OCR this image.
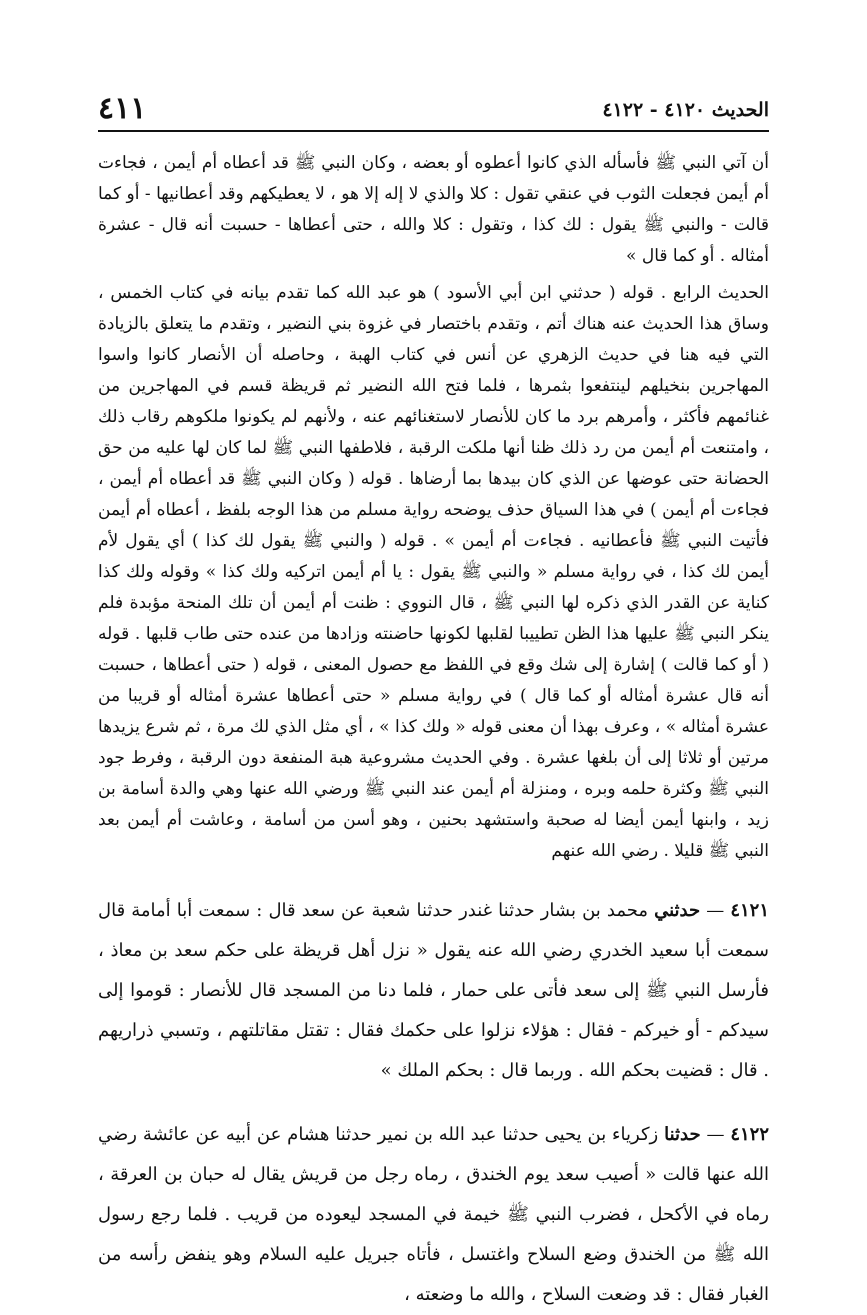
الحديث ٤١٢٠ - ٤١٢٢
٤١١

أن آتي النبي ﷺ فأسأله الذي كانوا أعطوه أو بعضه ، وكان النبي ﷺ قد أعطاه أم أيمن ، فجاءت أم أيمن فجعلت الثوب في عنقي تقول : كلا والذي لا إله إلا هو ، لا يعطيكهم وقد أعطانيها - أو كما قالت - والنبي ﷺ يقول : لك كذا ، وتقول : كلا والله ، حتى أعطاها - حسبت أنه قال - عشرة أمثاله . أو كما قال »

الحديث الرابع . قوله ( حدثني ابن أبي الأسود ) هو عبد الله كما تقدم بيانه في كتاب الخمس ، وساق هذا الحديث عنه هناك أتم ، وتقدم باختصار في غزوة بني النضير ، وتقدم ما يتعلق بالزيادة التي فيه هنا في حديث الزهري عن أنس في كتاب الهبة ، وحاصله أن الأنصار كانوا واسوا المهاجرين بنخيلهم لينتفعوا بثمرها ، فلما فتح الله النضير ثم قريظة قسم في المهاجرين من غنائمهم فأكثر ، وأمرهم برد ما كان للأنصار لاستغنائهم عنه ، ولأنهم لم يكونوا ملكوهم رقاب ذلك ، وامتنعت أم أيمن من رد ذلك ظنا أنها ملكت الرقبة ، فلاطفها النبي ﷺ لما كان لها عليه من حق الحضانة حتى عوضها عن الذي كان بيدها بما أرضاها . قوله ( وكان النبي ﷺ قد أعطاه أم أيمن ، فجاءت أم أيمن ) في هذا السياق حذف يوضحه رواية مسلم من هذا الوجه بلفظ ، أعطاه أم أيمن فأتيت النبي ﷺ فأعطانيه . فجاءت أم أيمن » . قوله ( والنبي ﷺ يقول لك كذا ) أي يقول لأم أيمن لك كذا ، في رواية مسلم « والنبي ﷺ يقول : يا أم أيمن اتركيه ولك كذا » وقوله ولك كذا كناية عن القدر الذي ذكره لها النبي ﷺ ، قال النووي : ظنت أم أيمن أن تلك المنحة مؤبدة فلم ينكر النبي ﷺ عليها هذا الظن تطييبا لقلبها لكونها حاضنته وزادها من عنده حتى طاب قلبها . قوله ( أو كما قالت ) إشارة إلى شك وقع في اللفظ مع حصول المعنى ، قوله ( حتى أعطاها ، حسبت أنه قال عشرة أمثاله أو كما قال ) في رواية مسلم « حتى أعطاها عشرة أمثاله أو قريبا من عشرة أمثاله » ، وعرف بهذا أن معنى قوله « ولك كذا » ، أي مثل الذي لك مرة ، ثم شرع يزيدها مرتين أو ثلاثا إلى أن بلغها عشرة . وفي الحديث مشروعية هبة المنفعة دون الرقبة ، وفرط جود النبي ﷺ وكثرة حلمه وبره ، ومنزلة أم أيمن عند النبي ﷺ ورضي الله عنها وهي والدة أسامة بن زيد ، وابنها أيمن أيضا له صحبة واستشهد بحنين ، وهو أسن من أسامة ، وعاشت أم أيمن بعد النبي ﷺ قليلا . رضي الله عنهم

٤١٢١ — حدثني محمد بن بشار حدثنا غندر حدثنا شعبة عن سعد قال : سمعت أبا أمامة قال سمعت أبا سعيد الخدري رضي الله عنه يقول « نزل أهل قريظة على حكم سعد بن معاذ ، فأرسل النبي ﷺ إلى سعد فأتى على حمار ، فلما دنا من المسجد قال للأنصار : قوموا إلى سيدكم - أو خيركم - فقال : هؤلاء نزلوا على حكمك فقال : تقتل مقاتلتهم ، وتسبي ذراريهم . قال : قضيت بحكم الله . وربما قال : بحكم الملك »

٤١٢٢ — حدثنا زكرياء بن يحيى حدثنا عبد الله بن نمير حدثنا هشام عن أبيه عن عائشة رضي الله عنها قالت « أصيب سعد يوم الخندق ، رماه رجل من قريش يقال له حبان بن العرقة ، رماه في الأكحل ، فضرب النبي ﷺ خيمة في المسجد ليعوده من قريب . فلما رجع رسول الله ﷺ من الخندق وضع السلاح واغتسل ، فأتاه جبريل عليه السلام وهو ينفض رأسه من الغبار فقال : قد وضعت السلاح ، والله ما وضعته ،
